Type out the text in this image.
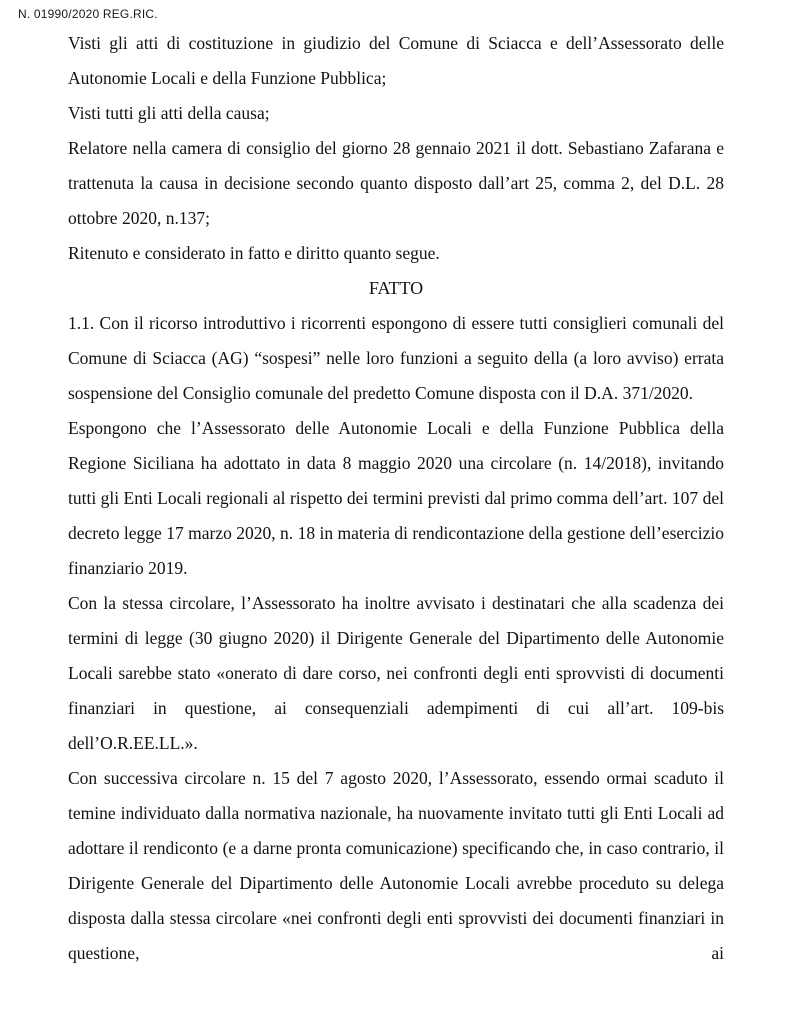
N. 01990/2020 REG.RIC.

Visti gli atti di costituzione in giudizio del Comune di Sciacca e dell’Assessorato delle Autonomie Locali e della Funzione Pubblica;

Visti tutti gli atti della causa;

Relatore nella camera di consiglio del giorno 28 gennaio 2021 il dott. Sebastiano Zafarana e trattenuta la causa in decisione secondo quanto disposto dall’art 25, comma 2, del D.L. 28 ottobre 2020, n.137;

Ritenuto e considerato in fatto e diritto quanto segue.

FATTO

1.1. Con il ricorso introduttivo i ricorrenti espongono di essere tutti consiglieri comunali del Comune di Sciacca (AG) “sospesi” nelle loro funzioni a seguito della (a loro avviso) errata sospensione del Consiglio comunale del predetto Comune disposta con il D.A. 371/2020.

Espongono che l’Assessorato delle Autonomie Locali e della Funzione Pubblica della Regione Siciliana ha adottato in data 8 maggio 2020 una circolare (n. 14/2018), invitando tutti gli Enti Locali regionali al rispetto dei termini previsti dal primo comma dell’art. 107 del decreto legge 17 marzo 2020, n. 18 in materia di rendicontazione della gestione dell’esercizio finanziario 2019.

Con la stessa circolare, l’Assessorato ha inoltre avvisato i destinatari che alla scadenza dei termini di legge (30 giugno 2020) il Dirigente Generale del Dipartimento delle Autonomie Locali sarebbe stato «onerato di dare corso, nei confronti degli enti sprovvisti di documenti finanziari in questione, ai consequenziali adempimenti di cui all’art. 109-bis dell’O.R.EE.LL.».

Con successiva circolare n. 15 del 7 agosto 2020, l’Assessorato, essendo ormai scaduto il temine individuato dalla normativa nazionale, ha nuovamente invitato tutti gli Enti Locali ad adottare il rendiconto (e a darne pronta comunicazione) specificando che, in caso contrario, il Dirigente Generale del Dipartimento delle Autonomie Locali avrebbe proceduto su delega disposta dalla stessa circolare «nei confronti degli enti sprovvisti dei documenti finanziari in questione, ai
